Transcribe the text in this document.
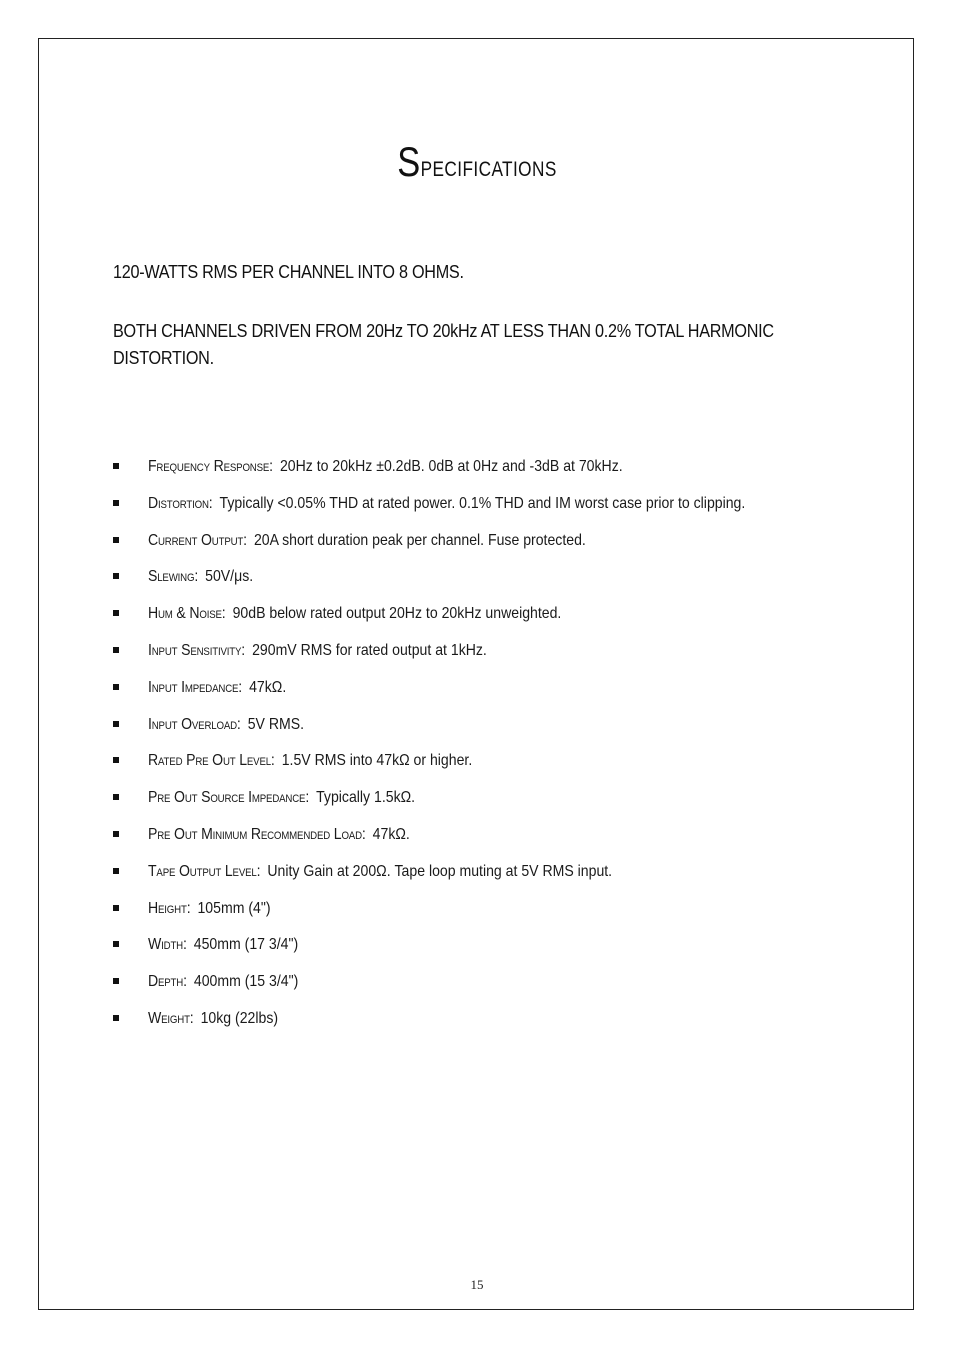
Specifications
120-WATTS RMS PER CHANNEL INTO 8 OHMS.
BOTH CHANNELS DRIVEN FROM 20Hz TO 20kHz AT LESS THAN 0.2% TOTAL HARMONIC DISTORTION.
Frequency Response: 20Hz to 20kHz ±0.2dB. 0dB at 0Hz and -3dB at 70kHz.
Distortion: Typically <0.05% THD at rated power. 0.1% THD and IM worst case prior to clipping.
Current Output: 20A short duration peak per channel. Fuse protected.
Slewing: 50V/μs.
Hum & Noise: 90dB below rated output 20Hz to 20kHz unweighted.
Input Sensitivity: 290mV RMS for rated output at 1kHz.
Input Impedance: 47kΩ.
Input Overload: 5V RMS.
Rated Pre Out Level: 1.5V RMS into 47kΩ or higher.
Pre Out Source Impedance: Typically 1.5kΩ.
Pre Out Minimum Recommended Load: 47kΩ.
Tape Output Level: Unity Gain at 200Ω. Tape loop muting at 5V RMS input.
Height: 105mm (4")
Width: 450mm (17 3/4")
Depth: 400mm (15 3/4")
Weight: 10kg (22lbs)
15
